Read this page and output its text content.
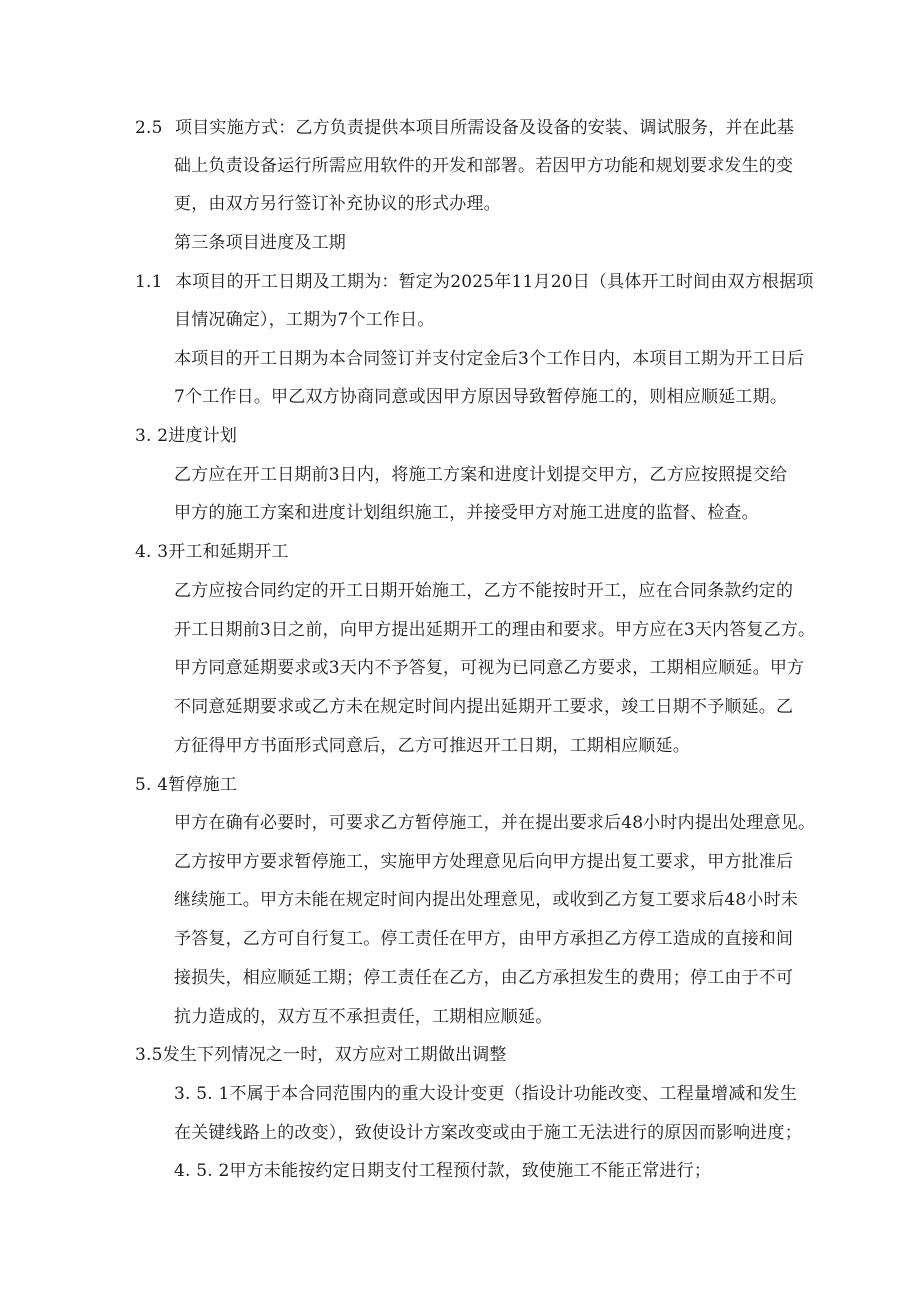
2.5 项目实施方式：乙方负责提供本项目所需设备及设备的安装、调试服务，并在此基
础上负责设备运行所需应用软件的开发和部署。若因甲方功能和规划要求发生的变
更，由双方另行签订补充协议的形式办理。
第三条项目进度及工期
1.1 本项目的开工日期及工期为：暂定为2025年11月20日（具体开工时间由双方根据项
目情况确定），工期为7个工作日。
本项目的开工日期为本合同签订并支付定金后3个工作日内，本项目工期为开工日后
7个工作日。甲乙双方协商同意或因甲方原因导致暂停施工的，则相应顺延工期。
3. 2进度计划
乙方应在开工日期前3日内，将施工方案和进度计划提交甲方，乙方应按照提交给
甲方的施工方案和进度计划组织施工，并接受甲方对施工进度的监督、检查。
4. 3开工和延期开工
乙方应按合同约定的开工日期开始施工，乙方不能按时开工，应在合同条款约定的
开工日期前3日之前，向甲方提出延期开工的理由和要求。甲方应在3天内答复乙方。
甲方同意延期要求或3天内不予答复，可视为已同意乙方要求，工期相应顺延。甲方
不同意延期要求或乙方未在规定时间内提出延期开工要求，竣工日期不予顺延。乙
方征得甲方书面形式同意后，乙方可推迟开工日期，工期相应顺延。
5. 4暂停施工
甲方在确有必要时，可要求乙方暂停施工，并在提出要求后48小时内提出处理意见。
乙方按甲方要求暂停施工，实施甲方处理意见后向甲方提出复工要求，甲方批准后
继续施工。甲方未能在规定时间内提出处理意见，或收到乙方复工要求后48小时未
予答复，乙方可自行复工。停工责任在甲方，由甲方承担乙方停工造成的直接和间
接损失，相应顺延工期；停工责任在乙方，由乙方承担发生的费用；停工由于不可
抗力造成的，双方互不承担责任，工期相应顺延。
3.5发生下列情况之一时，双方应对工期做出调整
3. 5. 1不属于本合同范围内的重大设计变更（指设计功能改变、工程量增减和发生
在关键线路上的改变），致使设计方案改变或由于施工无法进行的原因而影响进度；
4. 5. 2甲方未能按约定日期支付工程预付款，致使施工不能正常进行；
